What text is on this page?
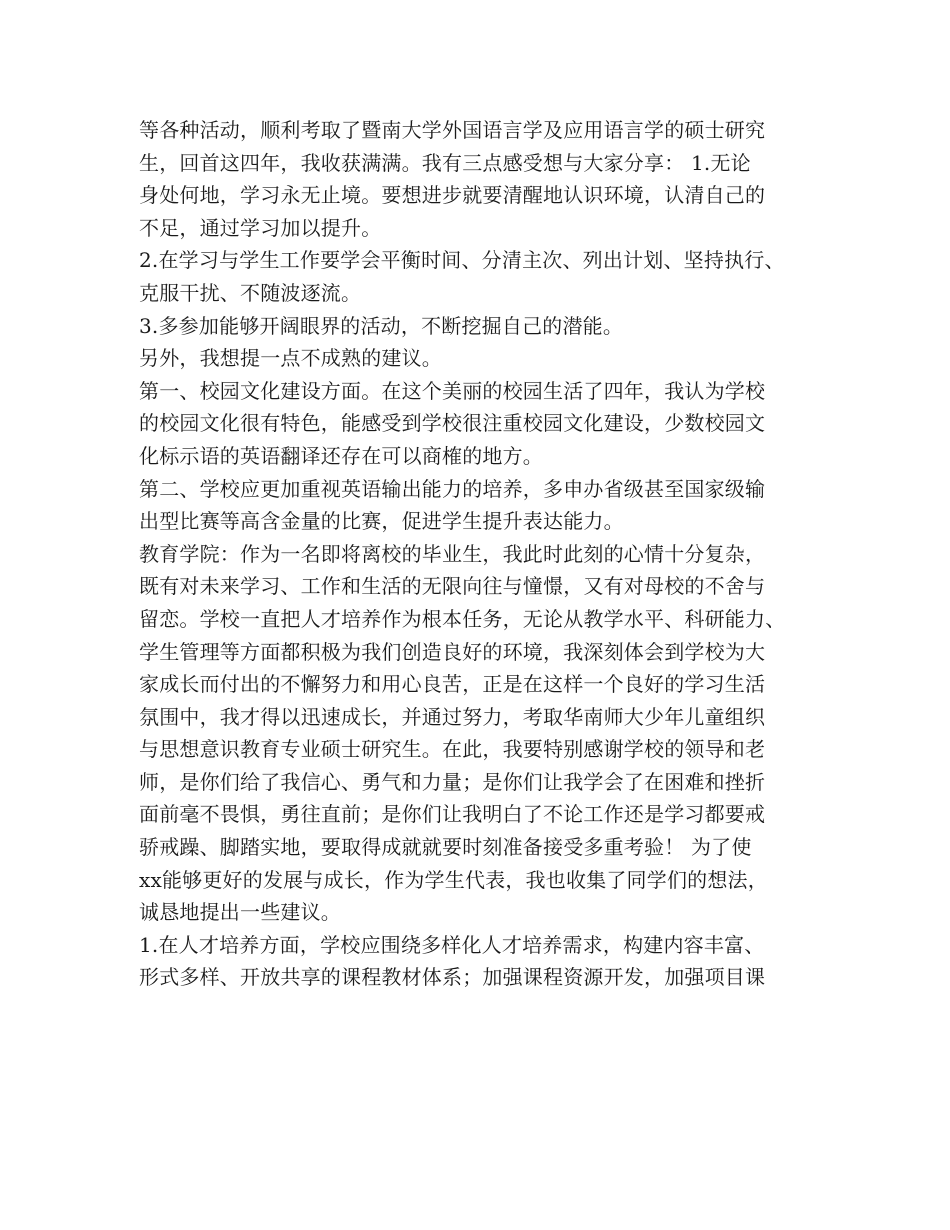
等各种活动，顺利考取了暨南大学外国语言学及应用语言学的硕士研究
生，回首这四年，我收获满满。我有三点感受想与大家分享： 1.无论
身处何地，学习永无止境。要想进步就要清醒地认识环境，认清自己的
不足，通过学习加以提升。
2.在学习与学生工作要学会平衡时间、分清主次、列出计划、坚持执行、
克服干扰、不随波逐流。
3.多参加能够开阔眼界的活动，不断挖掘自己的潜能。
另外，我想提一点不成熟的建议。
第一、校园文化建设方面。在这个美丽的校园生活了四年，我认为学校
的校园文化很有特色，能感受到学校很注重校园文化建设，少数校园文
化标示语的英语翻译还存在可以商榷的地方。
第二、学校应更加重视英语输出能力的培养，多申办省级甚至国家级输
出型比赛等高含金量的比赛，促进学生提升表达能力。
教育学院：作为一名即将离校的毕业生，我此时此刻的心情十分复杂，
既有对未来学习、工作和生活的无限向往与憧憬，又有对母校的不舍与
留恋。学校一直把人才培养作为根本任务，无论从教学水平、科研能力、
学生管理等方面都积极为我们创造良好的环境，我深刻体会到学校为大
家成长而付出的不懈努力和用心良苦，正是在这样一个良好的学习生活
氛围中，我才得以迅速成长，并通过努力，考取华南师大少年儿童组织
与思想意识教育专业硕士研究生。在此，我要特别感谢学校的领导和老
师，是你们给了我信心、勇气和力量；是你们让我学会了在困难和挫折
面前毫不畏惧，勇往直前；是你们让我明白了不论工作还是学习都要戒
骄戒躁、脚踏实地，要取得成就就要时刻准备接受多重考验！ 为了使
xx能够更好的发展与成长，作为学生代表，我也收集了同学们的想法，
诚恳地提出一些建议。
1.在人才培养方面，学校应围绕多样化人才培养需求，构建内容丰富、
形式多样、开放共享的课程教材体系；加强课程资源开发，加强项目课
